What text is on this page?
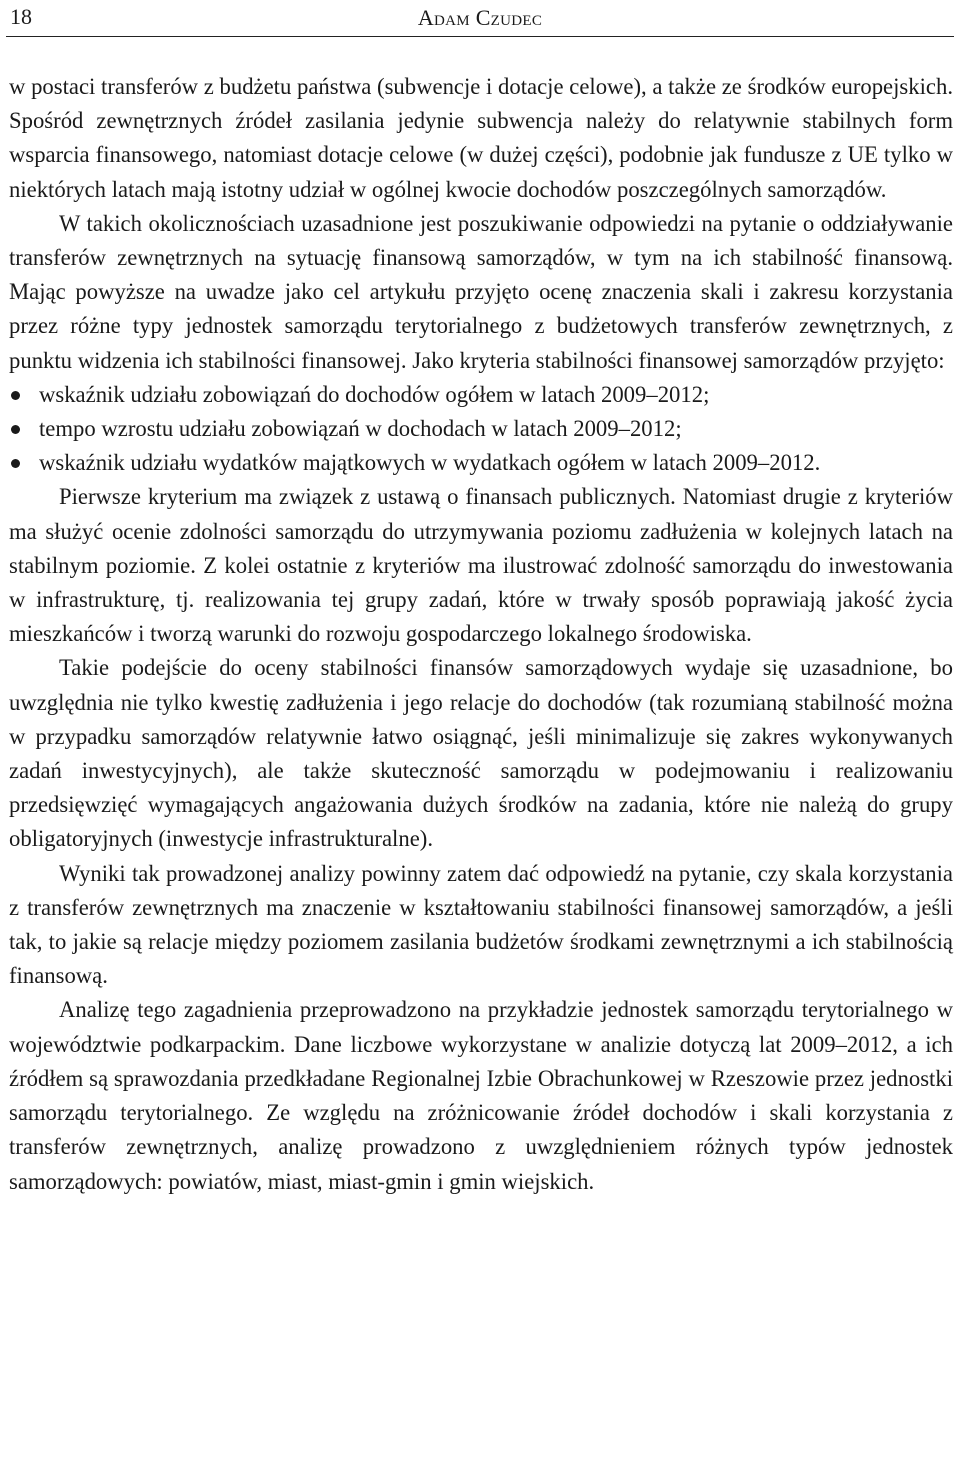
18	Adam Czudec

w postaci transferów z budżetu państwa (subwencje i dotacje celowe), a także ze środków europejskich. Spośród zewnętrznych źródeł zasilania jedynie subwencja należy do relatywnie stabilnych form wsparcia finansowego, natomiast dotacje celowe (w dużej części), podobnie jak fundusze z UE tylko w niektórych latach mają istotny udział w ogólnej kwocie dochodów poszczególnych samorządów.

W takich okolicznościach uzasadnione jest poszukiwanie odpowiedzi na pytanie o oddziaływanie transferów zewnętrznych na sytuację finansową samorządów, w tym na ich stabilność finansową. Mając powyższe na uwadze jako cel artykułu przyjęto ocenę znaczenia skali i zakresu korzystania przez różne typy jednostek samorządu terytorialnego z budżetowych transferów zewnętrznych, z punktu widzenia ich stabilności finansowej. Jako kryteria stabilności finansowej samorządów przyjęto:

wskaźnik udziału zobowiązań do dochodów ogółem w latach 2009‒2012;
tempo wzrostu udziału zobowiązań w dochodach w latach 2009‒2012;
wskaźnik udziału wydatków majątkowych w wydatkach ogółem w latach 2009‒2012.

Pierwsze kryterium ma związek z ustawą o finansach publicznych. Natomiast drugie z kryteriów ma służyć ocenie zdolności samorządu do utrzymywania poziomu zadłużenia w kolejnych latach na stabilnym poziomie. Z kolei ostatnie z kryteriów ma ilustrować zdolność samorządu do inwestowania w infrastrukturę, tj. realizowania tej grupy zadań, które w trwały sposób poprawiają jakość życia mieszkańców i tworzą warunki do rozwoju gospodarczego lokalnego środowiska.

Takie podejście do oceny stabilności finansów samorządowych wydaje się uzasadnione, bo uwzględnia nie tylko kwestię zadłużenia i jego relacje do dochodów (tak rozumianą stabilność można w przypadku samorządów relatywnie łatwo osiągnąć, jeśli minimalizuje się zakres wykonywanych zadań inwestycyjnych), ale także skuteczność samorządu w podejmowaniu i realizowaniu przedsięwzięć wymagających angażowania dużych środków na zadania, które nie należą do grupy obligatoryjnych (inwestycje infrastrukturalne).

Wyniki tak prowadzonej analizy powinny zatem dać odpowiedź na pytanie, czy skala korzystania z transferów zewnętrznych ma znaczenie w kształtowaniu stabilności finansowej samorządów, a jeśli tak, to jakie są relacje między poziomem zasilania budżetów środkami zewnętrznymi a ich stabilnością finansową.

Analizę tego zagadnienia przeprowadzono na przykładzie jednostek samorządu terytorialnego w województwie podkarpackim. Dane liczbowe wykorzystane w analizie dotyczą lat 2009‒2012, a ich źródłem są sprawozdania przedkładane Regionalnej Izbie Obrachunkowej w Rzeszowie przez jednostki samorządu terytorialnego. Ze względu na zróżnicowanie źródeł dochodów i skali korzystania z transferów zewnętrznych, analizę prowadzono z uwzględnieniem różnych typów jednostek samorządowych: powiatów, miast, miast-gmin i gmin wiejskich.
